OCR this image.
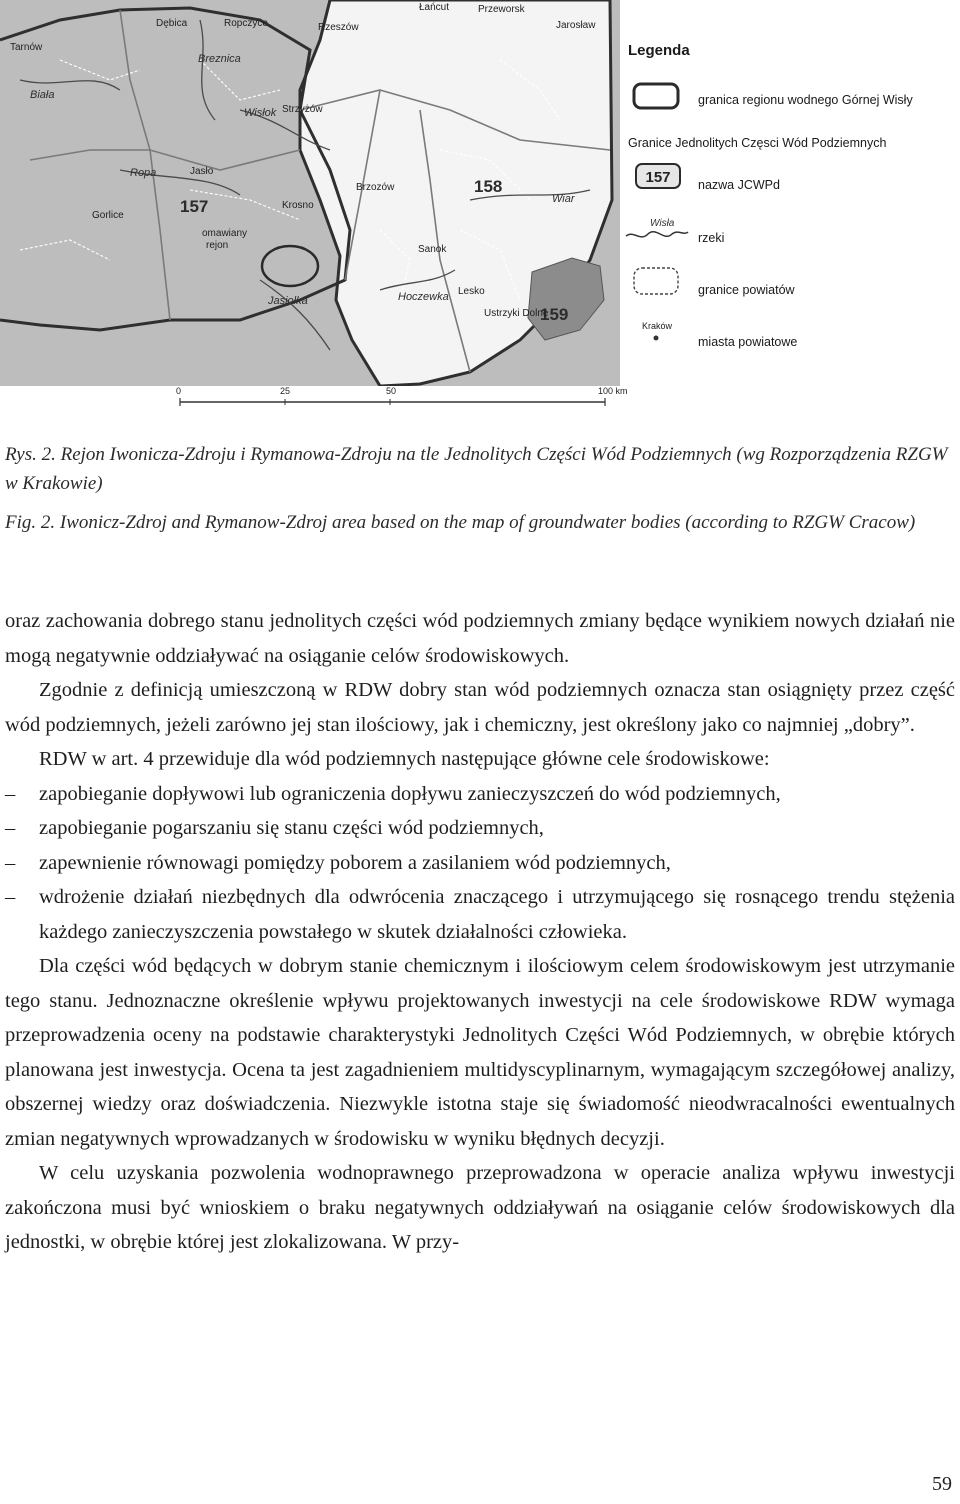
157
158
159
Łańcut	Przeworsk
Jarosław
Dębica	Ropczyce	Rzeszów
Tarnów
Strzyżów
Jasło
Brzozów
Krosno
Gorlice
Sanok
Lesko
Ustrzyki Dolne
Biała
Breznica
Wisłok
Ropa
Wiar
Jasiołka	Hoczewka
omawiany rejon
0	25	50	100 km
Legenda
granica regionu wodnego Górnej Wisły
Granice Jednolitych Częsci Wód Podziemnych
157 nazwa JCWPd
Wisła
rzeki
granice powiatów
Kraków
miasta powiatowe

Rys. 2. Rejon Iwonicza-Zdroju i Rymanowa-Zdroju na tle Jednolitych Części Wód Podziemnych (wg Rozporządzenia RZGW w Krakowie)

Fig. 2. Iwonicz-Zdroj and Rymanow-Zdroj area based on the map of groundwater bodies (according to RZGW Cracow)

oraz zachowania dobrego stanu jednolitych części wód podziemnych zmiany będące wynikiem nowych działań nie mogą negatywnie oddziaływać na osiąganie celów środowiskowych.

Zgodnie z definicją umieszczoną w RDW dobry stan wód podziemnych oznacza stan osiągnięty przez część wód podziemnych, jeżeli zarówno jej stan ilościowy, jak i chemiczny, jest określony jako co najmniej „dobry”.

RDW w art. 4 przewiduje dla wód podziemnych następujące główne cele środowiskowe:

– zapobieganie dopływowi lub ograniczenia dopływu zanieczyszczeń do wód podziemnych,

– zapobieganie pogarszaniu się stanu części wód podziemnych,

– zapewnienie równowagi pomiędzy poborem a zasilaniem wód podziemnych,

– wdrożenie działań niezbędnych dla odwrócenia znaczącego i utrzymującego się rosnącego trendu stężenia każdego zanieczyszczenia powstałego w skutek działalności człowieka.

Dla części wód będących w dobrym stanie chemicznym i ilościowym celem środowiskowym jest utrzymanie tego stanu. Jednoznaczne określenie wpływu projektowanych inwestycji na cele środowiskowe RDW wymaga przeprowadzenia oceny na podstawie charakterystyki Jednolitych Części Wód Podziemnych, w obrębie których planowana jest inwestycja. Ocena ta jest zagadnieniem multidyscyplinarnym, wymagającym szczegółowej analizy, obszernej wiedzy oraz doświadczenia. Niezwykle istotna staje się świadomość nieodwracalności ewentualnych zmian negatywnych wprowadzanych w środowisku w wyniku błędnych decyzji.

W celu uzyskania pozwolenia wodnoprawnego przeprowadzona w operacie analiza wpływu inwestycji zakończona musi być wnioskiem o braku negatywnych oddziaływań na osiąganie celów środowiskowych dla jednostki, w obrębie której jest zlokalizowana. W przy-

59
